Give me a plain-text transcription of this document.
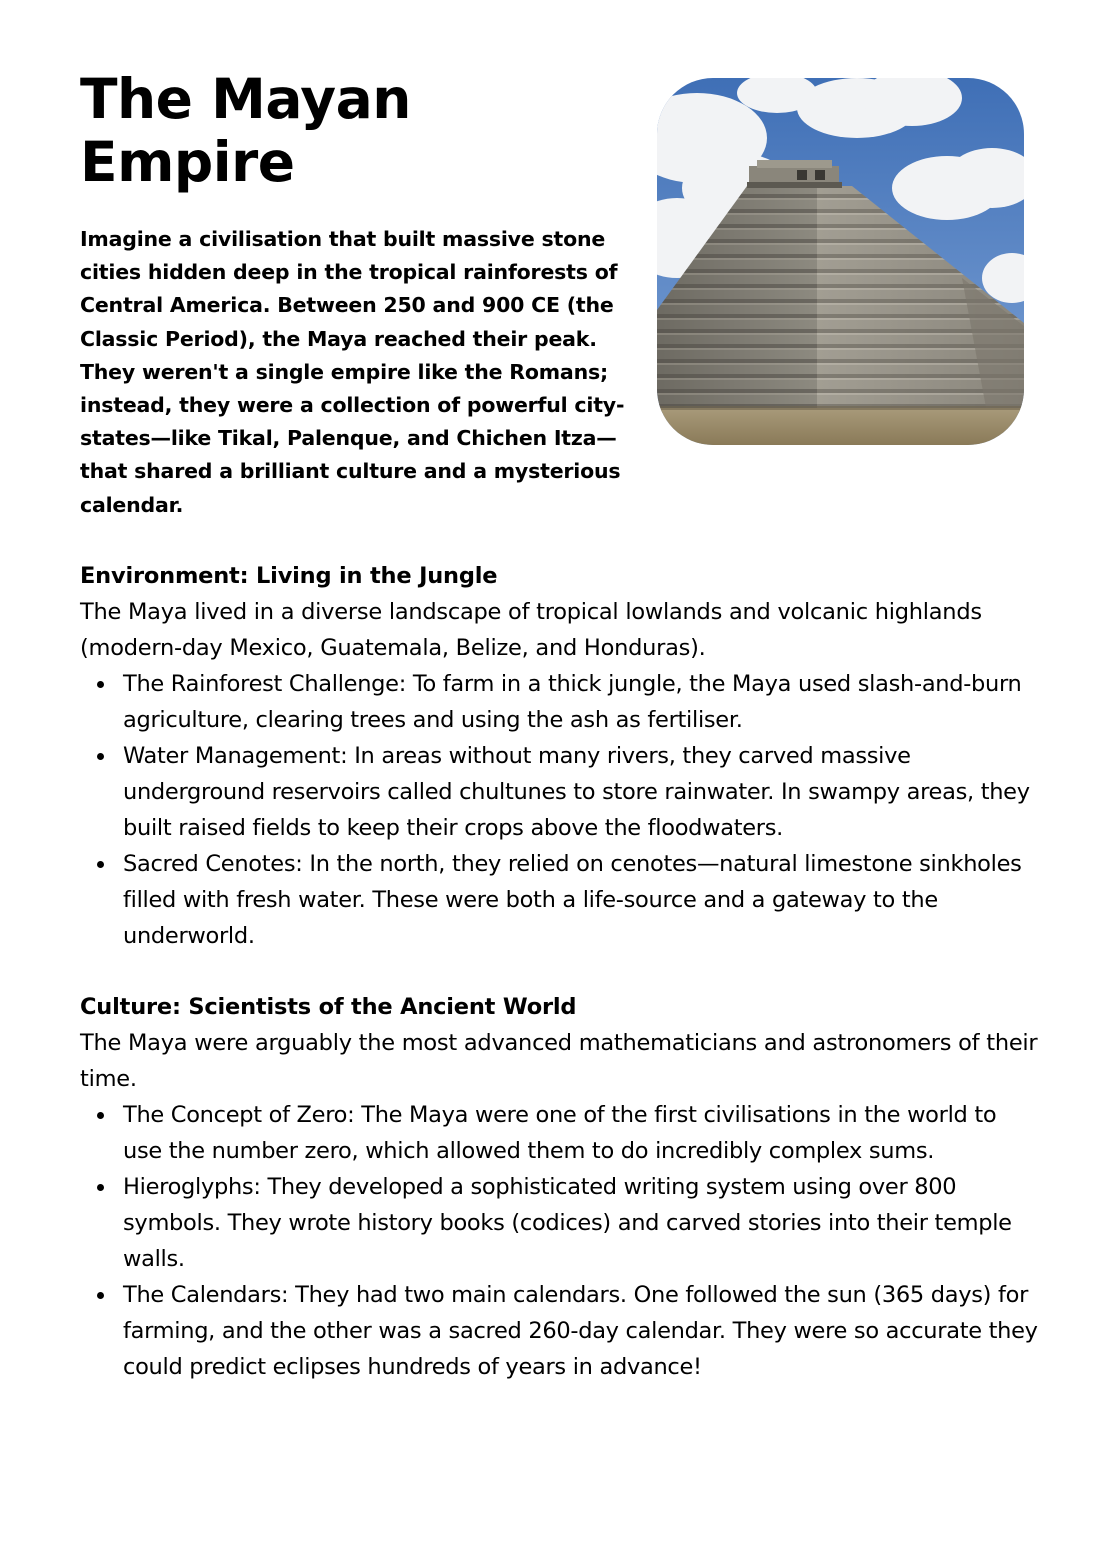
The Mayan Empire

Imagine a civilisation that built massive stone cities hidden deep in the tropical rainforests of Central America. Between 250 and 900 CE (the Classic Period), the Maya reached their peak. They weren't a single empire like the Romans; instead, they were a collection of powerful city-states—like Tikal, Palenque, and Chichen Itza—that shared a brilliant culture and a mysterious calendar.

Environment: Living in the Jungle

The Maya lived in a diverse landscape of tropical lowlands and volcanic highlands (modern-day Mexico, Guatemala, Belize, and Honduras).

The Rainforest Challenge: To farm in a thick jungle, the Maya used slash-and-burn agriculture, clearing trees and using the ash as fertiliser.
Water Management: In areas without many rivers, they carved massive underground reservoirs called chultunes to store rainwater. In swampy areas, they built raised fields to keep their crops above the floodwaters.
Sacred Cenotes: In the north, they relied on cenotes—natural limestone sinkholes filled with fresh water. These were both a life-source and a gateway to the underworld.
Culture: Scientists of the Ancient World

The Maya were arguably the most advanced mathematicians and astronomers of their time.

The Concept of Zero: The Maya were one of the first civilisations in the world to use the number zero, which allowed them to do incredibly complex sums.
Hieroglyphs: They developed a sophisticated writing system using over 800 symbols. They wrote history books (codices) and carved stories into their temple walls.
The Calendars: They had two main calendars. One followed the sun (365 days) for farming, and the other was a sacred 260-day calendar. They were so accurate they could predict eclipses hundreds of years in advance!
